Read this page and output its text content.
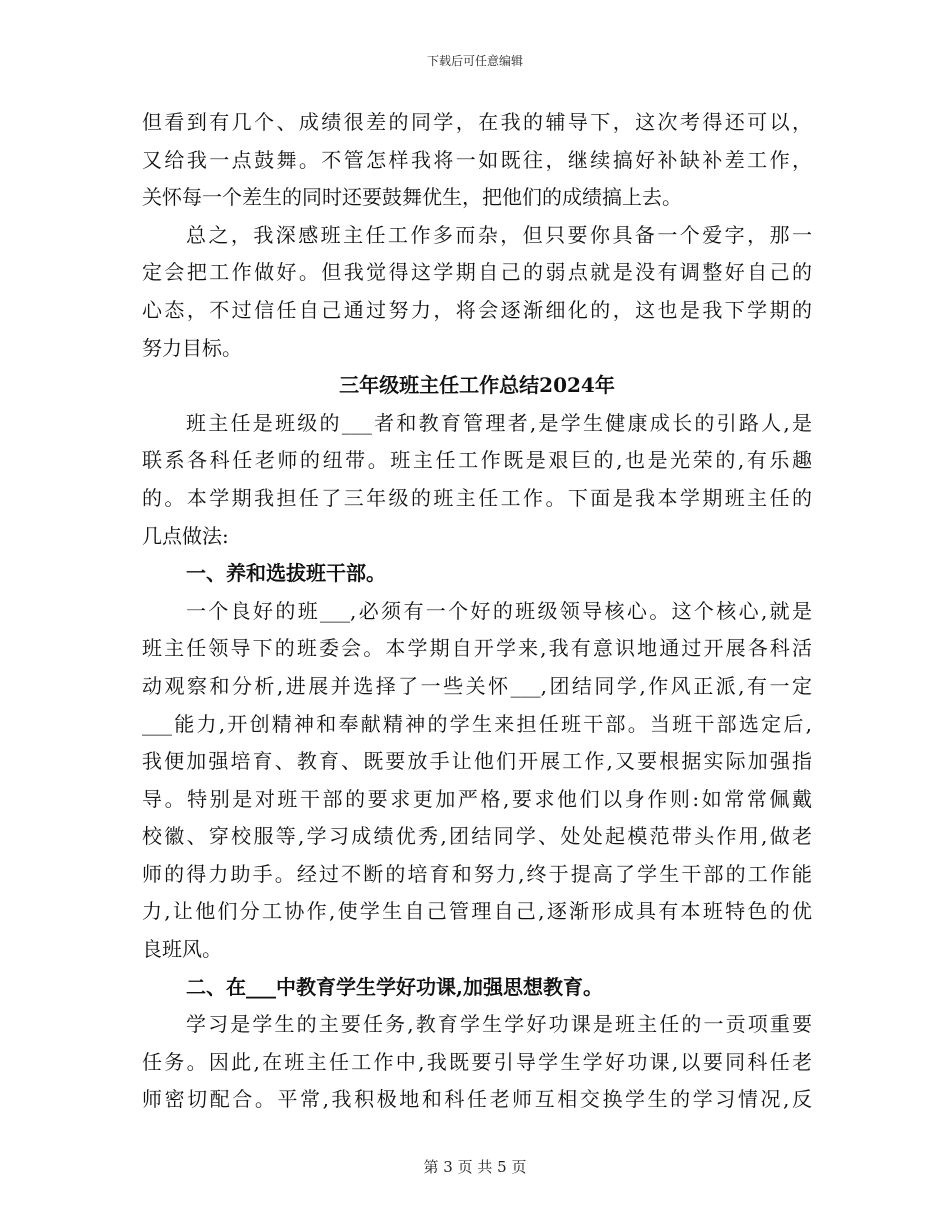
下载后可任意编辑
但看到有几个、成绩很差的同学，在我的辅导下，这次考得还可以，
又给我一点鼓舞。不管怎样我将一如既往，继续搞好补缺补差工作，
关怀每一个差生的同时还要鼓舞优生，把他们的成绩搞上去。
总之，我深感班主任工作多而杂，但只要你具备一个爱字，那一
定会把工作做好。但我觉得这学期自己的弱点就是没有调整好自己的
心态，不过信任自己通过努力，将会逐渐细化的，这也是我下学期的
努力目标。
三年级班主任工作总结2024年
班主任是班级的___者和教育管理者,是学生健康成长的引路人,是
联系各科任老师的纽带。班主任工作既是艰巨的,也是光荣的,有乐趣
的。本学期我担任了三年级的班主任工作。下面是我本学期班主任的
几点做法:
一、养和选拔班干部。
一个良好的班___,必须有一个好的班级领导核心。这个核心,就是
班主任领导下的班委会。本学期自开学来,我有意识地通过开展各科活
动观察和分析,进展并选择了一些关怀___,团结同学,作风正派,有一定
___能力,开创精神和奉献精神的学生来担任班干部。当班干部选定后,
我便加强培育、教育、既要放手让他们开展工作,又要根据实际加强指
导。特别是对班干部的要求更加严格,要求他们以身作则:如常常佩戴
校徽、穿校服等,学习成绩优秀,团结同学、处处起模范带头作用,做老
师的得力助手。经过不断的培育和努力,终于提高了学生干部的工作能
力,让他们分工协作,使学生自己管理自己,逐渐形成具有本班特色的优
良班风。
二、在___中教育学生学好功课,加强思想教育。
学习是学生的主要任务,教育学生学好功课是班主任的一贡项重要
任务。因此,在班主任工作中,我既要引导学生学好功课,以要同科任老
师密切配合。平常,我积极地和科任老师互相交换学生的学习情况,反
第 3 页 共 5 页
